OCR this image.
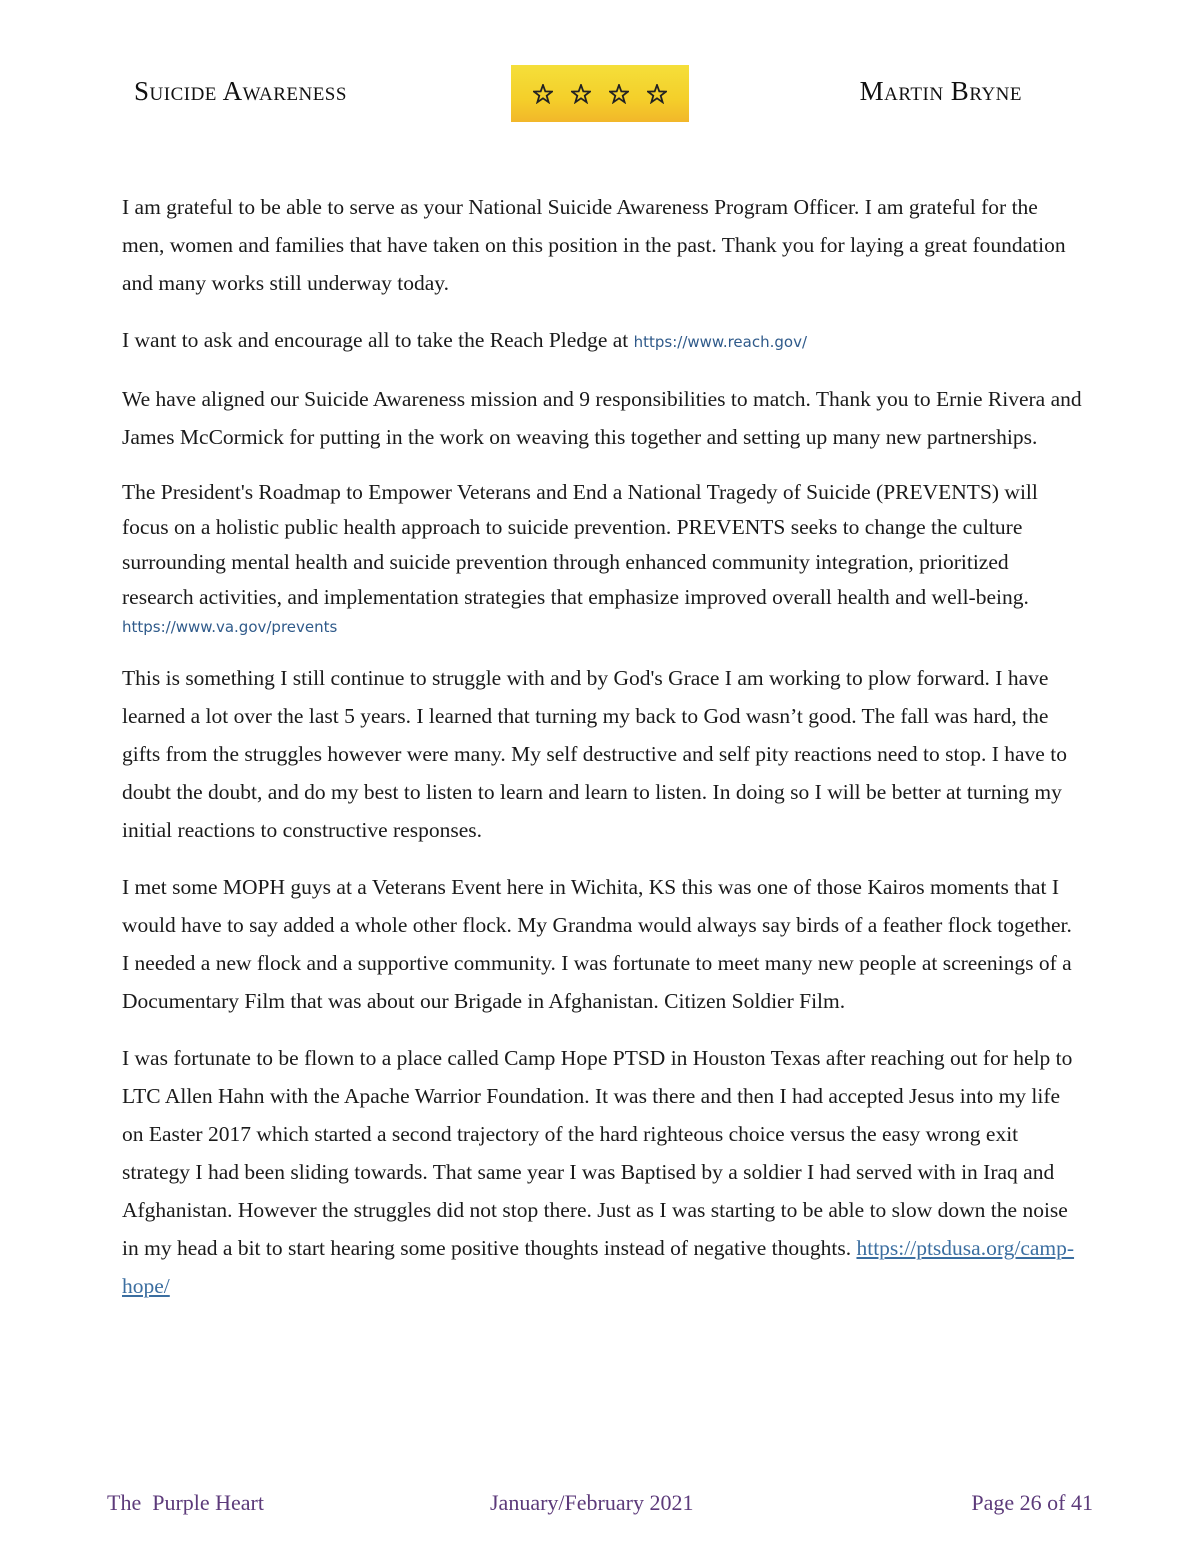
Suicide Awareness	Martin Bryne

I am grateful to be able to serve as your National Suicide Awareness Program Officer. I am grateful for the men, women and families that have taken on this position in the past. Thank you for laying a great foundation and many works still underway today.

I want to ask and encourage all to take the Reach Pledge at https://www.reach.gov/

We have aligned our Suicide Awareness mission and 9 responsibilities to match. Thank you to Ernie Rivera and James McCormick for putting in the work on weaving this together and setting up many new partnerships.

The President's Roadmap to Empower Veterans and End a National Tragedy of Suicide (PREVENTS) will focus on a holistic public health approach to suicide prevention. PREVENTS seeks to change the culture surrounding mental health and suicide prevention through enhanced community integration, prioritized research activities, and implementation strategies that emphasize improved overall health and well-being.

https://www.va.gov/prevents

This is something I still continue to struggle with and by God's Grace I am working to plow forward. I have learned a lot over the last 5 years. I learned that turning my back to God wasn’t good. The fall was hard, the gifts from the struggles however were many. My self destructive and self pity reactions need to stop. I have to doubt the doubt, and do my best to listen to learn and learn to listen. In doing so I will be better at turning my initial reactions to constructive responses.

I met some MOPH guys at a Veterans Event here in Wichita, KS this was one of those Kairos moments that I would have to say added a whole other flock. My Grandma would always say birds of a feather flock together. I needed a new flock and a supportive community. I was fortunate to meet many new people at screenings of a Documentary Film that was about our Brigade in Afghanistan. Citizen Soldier Film.

I was fortunate to be flown to a place called Camp Hope PTSD in Houston Texas after reaching out for help to LTC Allen Hahn with the Apache Warrior Foundation. It was there and then I had accepted Jesus into my life on Easter 2017 which started a second trajectory of the hard righteous choice versus the easy wrong exit strategy I had been sliding towards. That same year I was Baptised by a soldier I had served with in Iraq and Afghanistan. However the struggles did not stop there. Just as I was starting to be able to slow down the noise in my head a bit to start hearing some positive thoughts instead of negative thoughts. https://ptsdusa.org/camp-hope/

The  Purple Heart	January/February 2021	Page 26 of 41
